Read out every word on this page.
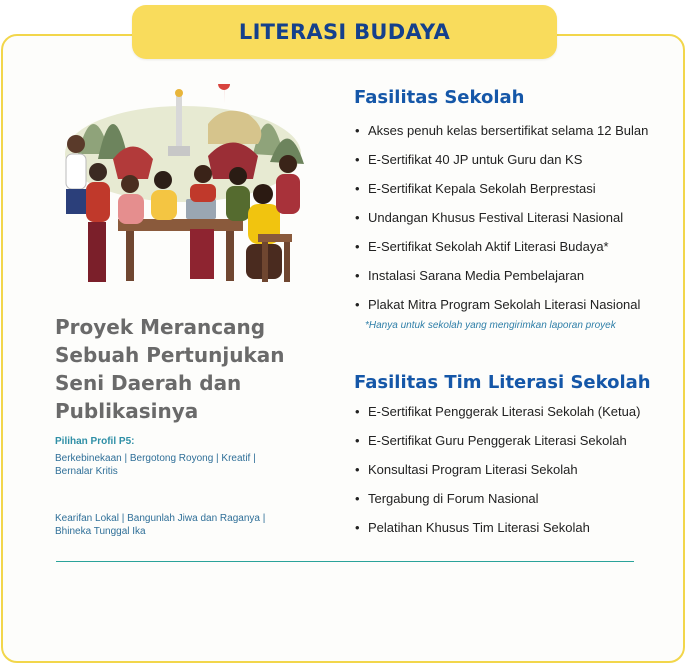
LITERASI BUDAYA
Proyek Merancang
Sebuah Pertunjukan
Seni Daerah dan
Publikasinya
Pilihan Profil P5:
Berkebinekaan | Bergotong Royong | Kreatif | Bernalar Kritis
Kearifan Lokal | Bangunlah Jiwa dan Raganya | Bhineka Tunggal Ika
Fasilitas Sekolah
• Akses penuh kelas bersertifikat selama 12 Bulan
• E-Sertifikat 40 JP untuk Guru dan KS
• E-Sertifikat Kepala Sekolah Berprestasi
• Undangan Khusus Festival Literasi Nasional
• E-Sertifikat Sekolah Aktif Literasi Budaya*
• Instalasi Sarana Media Pembelajaran
• Plakat Mitra Program Sekolah Literasi Nasional
*Hanya untuk sekolah yang mengirimkan laporan proyek
Fasilitas Tim Literasi Sekolah
• E-Sertifikat Penggerak Literasi Sekolah (Ketua)
• E-Sertifikat Guru Penggerak Literasi Sekolah
• Konsultasi Program Literasi Sekolah
• Tergabung di Forum Nasional
• Pelatihan Khusus Tim Literasi Sekolah
